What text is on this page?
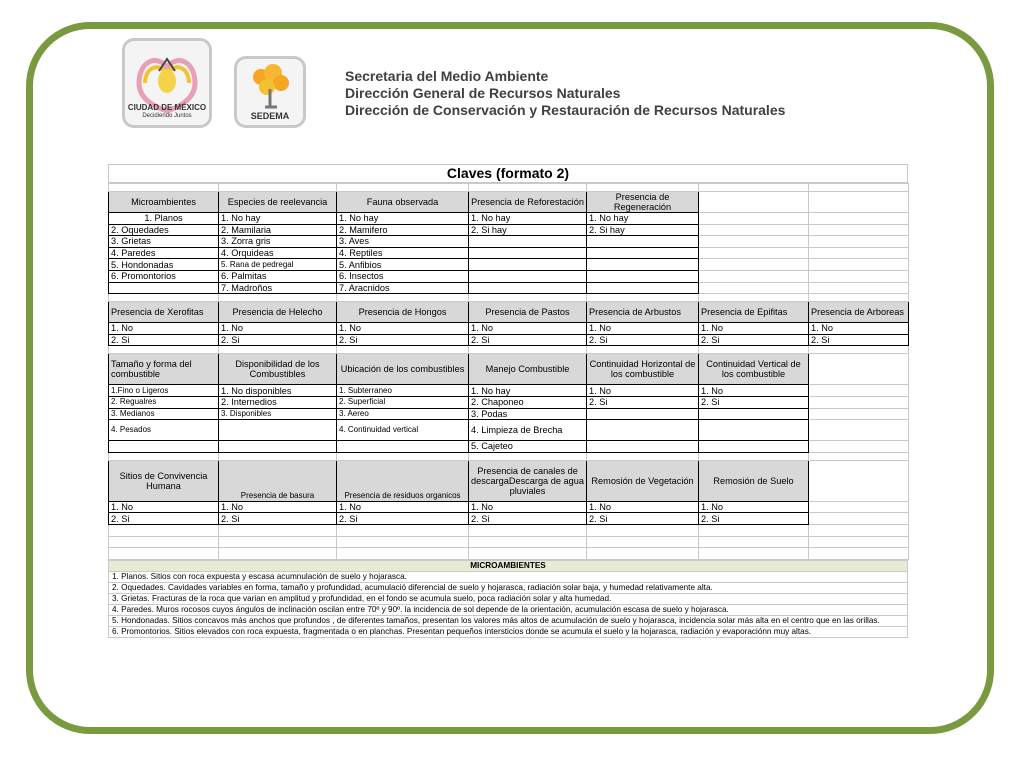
CIUDAD DE MÉXICO
Decidiendo Juntos	SEDEMA
Secretaria del Medio Ambiente
Dirección General de Recursos Naturales
Dirección de Conservación y Restauración de Recursos Naturales
Claves (formato 2)

Microambientes	Especies de reelevancia	Fauna observada	Presencia de Reforestación	Presencia de Regeneración		
1. Planos	1. No hay	1. No hay	1. No hay	1. No hay		
2. Oquedades	2. Mamilaria	2. Mamifero	2. Si hay	2. Si hay		
3. Grietas	3. Zorra gris	3. Aves				
4. Paredes	4. Orquideas	4. Reptiles				
5. Hondonadas	5. Rana de pedregal	5. Anfibios				
6. Promontorios	6. Palmitas	6. Insectos				
	7. Madroños	7. Aracnidos				

Presencia de Xerofitas	Presencia de Helecho	Presencia de Hongos	Presencia de Pastos	Presencia de Arbustos	Presencia de Epifitas	Presencia de Arboreas
1. No	1. No	1. No	1. No	1. No	1. No	1. No
2. Si	2. Si	2. Si	2. Si	2. Si	2. Si	2. Si

Tamaño y forma del combustible	Disponibilidad de los Combustibles	Ubicación de los combustibles	Manejo Combustible	Continuidad Horizontal de los combustible	Continuidad Vertical de los combustible	
1.Fino o Ligeros	1. No disponibles	1. Subterraneo	1. No hay	1. No	1. No	
2. Regualres	2. Internedios	2. Superficial	2. Chaponeo	2. Si	2. Si	
3. Medianos	3. Disponibles	3. Aereo	3. Podas			
4. Pesados		4. Continuidad vertical	4. Limpieza de Brecha			
			5. Cajeteo			

Sitios de Convivencia Humana	Presencia de basura	Presencia de residuos organicos	Presencia de canales de descargaDescarga de agua pluviales	Remosión de Vegetación	Remosión de Suelo	
1. No	1. No	1. No	1. No	1. No	1. No	
2. Si	2. Si	2. Si	2. Si	2. Si	2. Si	

MICROAMBIENTES
1. Planos. Sitios con roca expuesta y escasa acumnulación de suelo y hojarasca.
2. Oquedades. Cavidades variables en forma, tamaño y profundidad, acumulació diferencial de suelo y hojarasca, radiación solar baja, y humedad relativamente alta.
3. Grietas. Fracturas de la roca que varian en amplitud y profundidad, en el fondo se acumula suelo, poca radiación solar y alta humedad.
4. Paredes. Muros rocosos cuyos ángulos de inclinación oscilan entre 70º y 90º. la incidencia de sol depende de la orientación, acumulación escasa de suelo y hojarasca.
5. Hondonadas. Sitios concavos más anchos que profundos , de diferentes tamaños, presentan los valores más altos de acumulación de suelo y hojarasca, incidencia solar más alta en el centro que en las orillas.
6. Promontorios. Sitios elevados con roca expuesta, fragmentada o en planchas. Presentan pequeños intersticios donde se acumula el suelo y la hojarasca, radiación y evaporaciónn muy altas.
